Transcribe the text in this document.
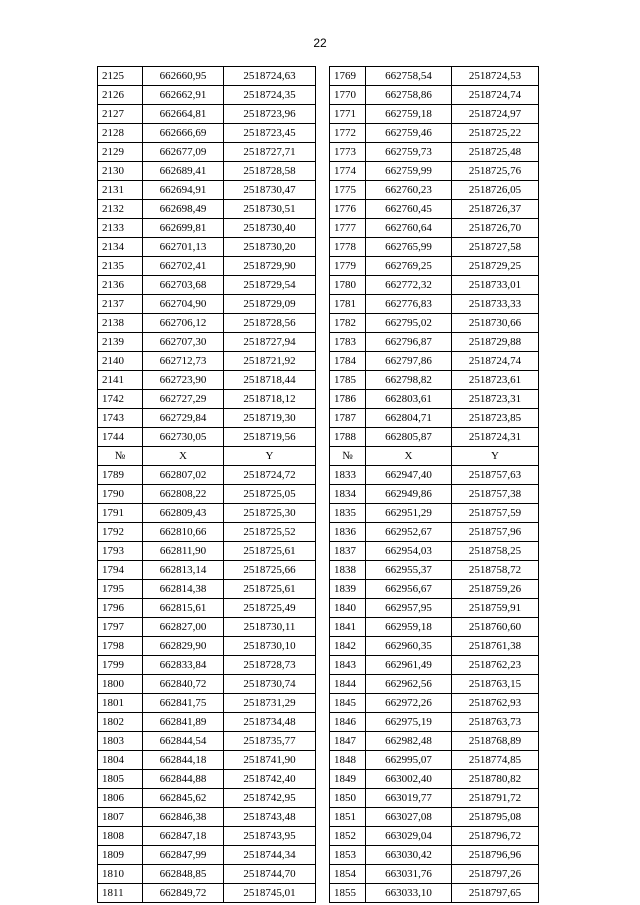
22
2125	662660,95	2518724,63		1769	662758,54	2518724,53
2126	662662,91	2518724,35		1770	662758,86	2518724,74
2127	662664,81	2518723,96		1771	662759,18	2518724,97
2128	662666,69	2518723,45		1772	662759,46	2518725,22
2129	662677,09	2518727,71		1773	662759,73	2518725,48
2130	662689,41	2518728,58		1774	662759,99	2518725,76
2131	662694,91	2518730,47		1775	662760,23	2518726,05
2132	662698,49	2518730,51		1776	662760,45	2518726,37
2133	662699,81	2518730,40		1777	662760,64	2518726,70
2134	662701,13	2518730,20		1778	662765,99	2518727,58
2135	662702,41	2518729,90		1779	662769,25	2518729,25
2136	662703,68	2518729,54		1780	662772,32	2518733,01
2137	662704,90	2518729,09		1781	662776,83	2518733,33
2138	662706,12	2518728,56		1782	662795,02	2518730,66
2139	662707,30	2518727,94		1783	662796,87	2518729,88
2140	662712,73	2518721,92		1784	662797,86	2518724,74
2141	662723,90	2518718,44		1785	662798,82	2518723,61
1742	662727,29	2518718,12		1786	662803,61	2518723,31
1743	662729,84	2518719,30		1787	662804,71	2518723,85
1744	662730,05	2518719,56		1788	662805,87	2518724,31
№	X	Y		№	X	Y
1789	662807,02	2518724,72		1833	662947,40	2518757,63
1790	662808,22	2518725,05		1834	662949,86	2518757,38
1791	662809,43	2518725,30		1835	662951,29	2518757,59
1792	662810,66	2518725,52		1836	662952,67	2518757,96
1793	662811,90	2518725,61		1837	662954,03	2518758,25
1794	662813,14	2518725,66		1838	662955,37	2518758,72
1795	662814,38	2518725,61		1839	662956,67	2518759,26
1796	662815,61	2518725,49		1840	662957,95	2518759,91
1797	662827,00	2518730,11		1841	662959,18	2518760,60
1798	662829,90	2518730,10		1842	662960,35	2518761,38
1799	662833,84	2518728,73		1843	662961,49	2518762,23
1800	662840,72	2518730,74		1844	662962,56	2518763,15
1801	662841,75	2518731,29		1845	662972,26	2518762,93
1802	662841,89	2518734,48		1846	662975,19	2518763,73
1803	662844,54	2518735,77		1847	662982,48	2518768,89
1804	662844,18	2518741,90		1848	662995,07	2518774,85
1805	662844,88	2518742,40		1849	663002,40	2518780,82
1806	662845,62	2518742,95		1850	663019,77	2518791,72
1807	662846,38	2518743,48		1851	663027,08	2518795,08
1808	662847,18	2518743,95		1852	663029,04	2518796,72
1809	662847,99	2518744,34		1853	663030,42	2518796,96
1810	662848,85	2518744,70		1854	663031,76	2518797,26
1811	662849,72	2518745,01		1855	663033,10	2518797,65
